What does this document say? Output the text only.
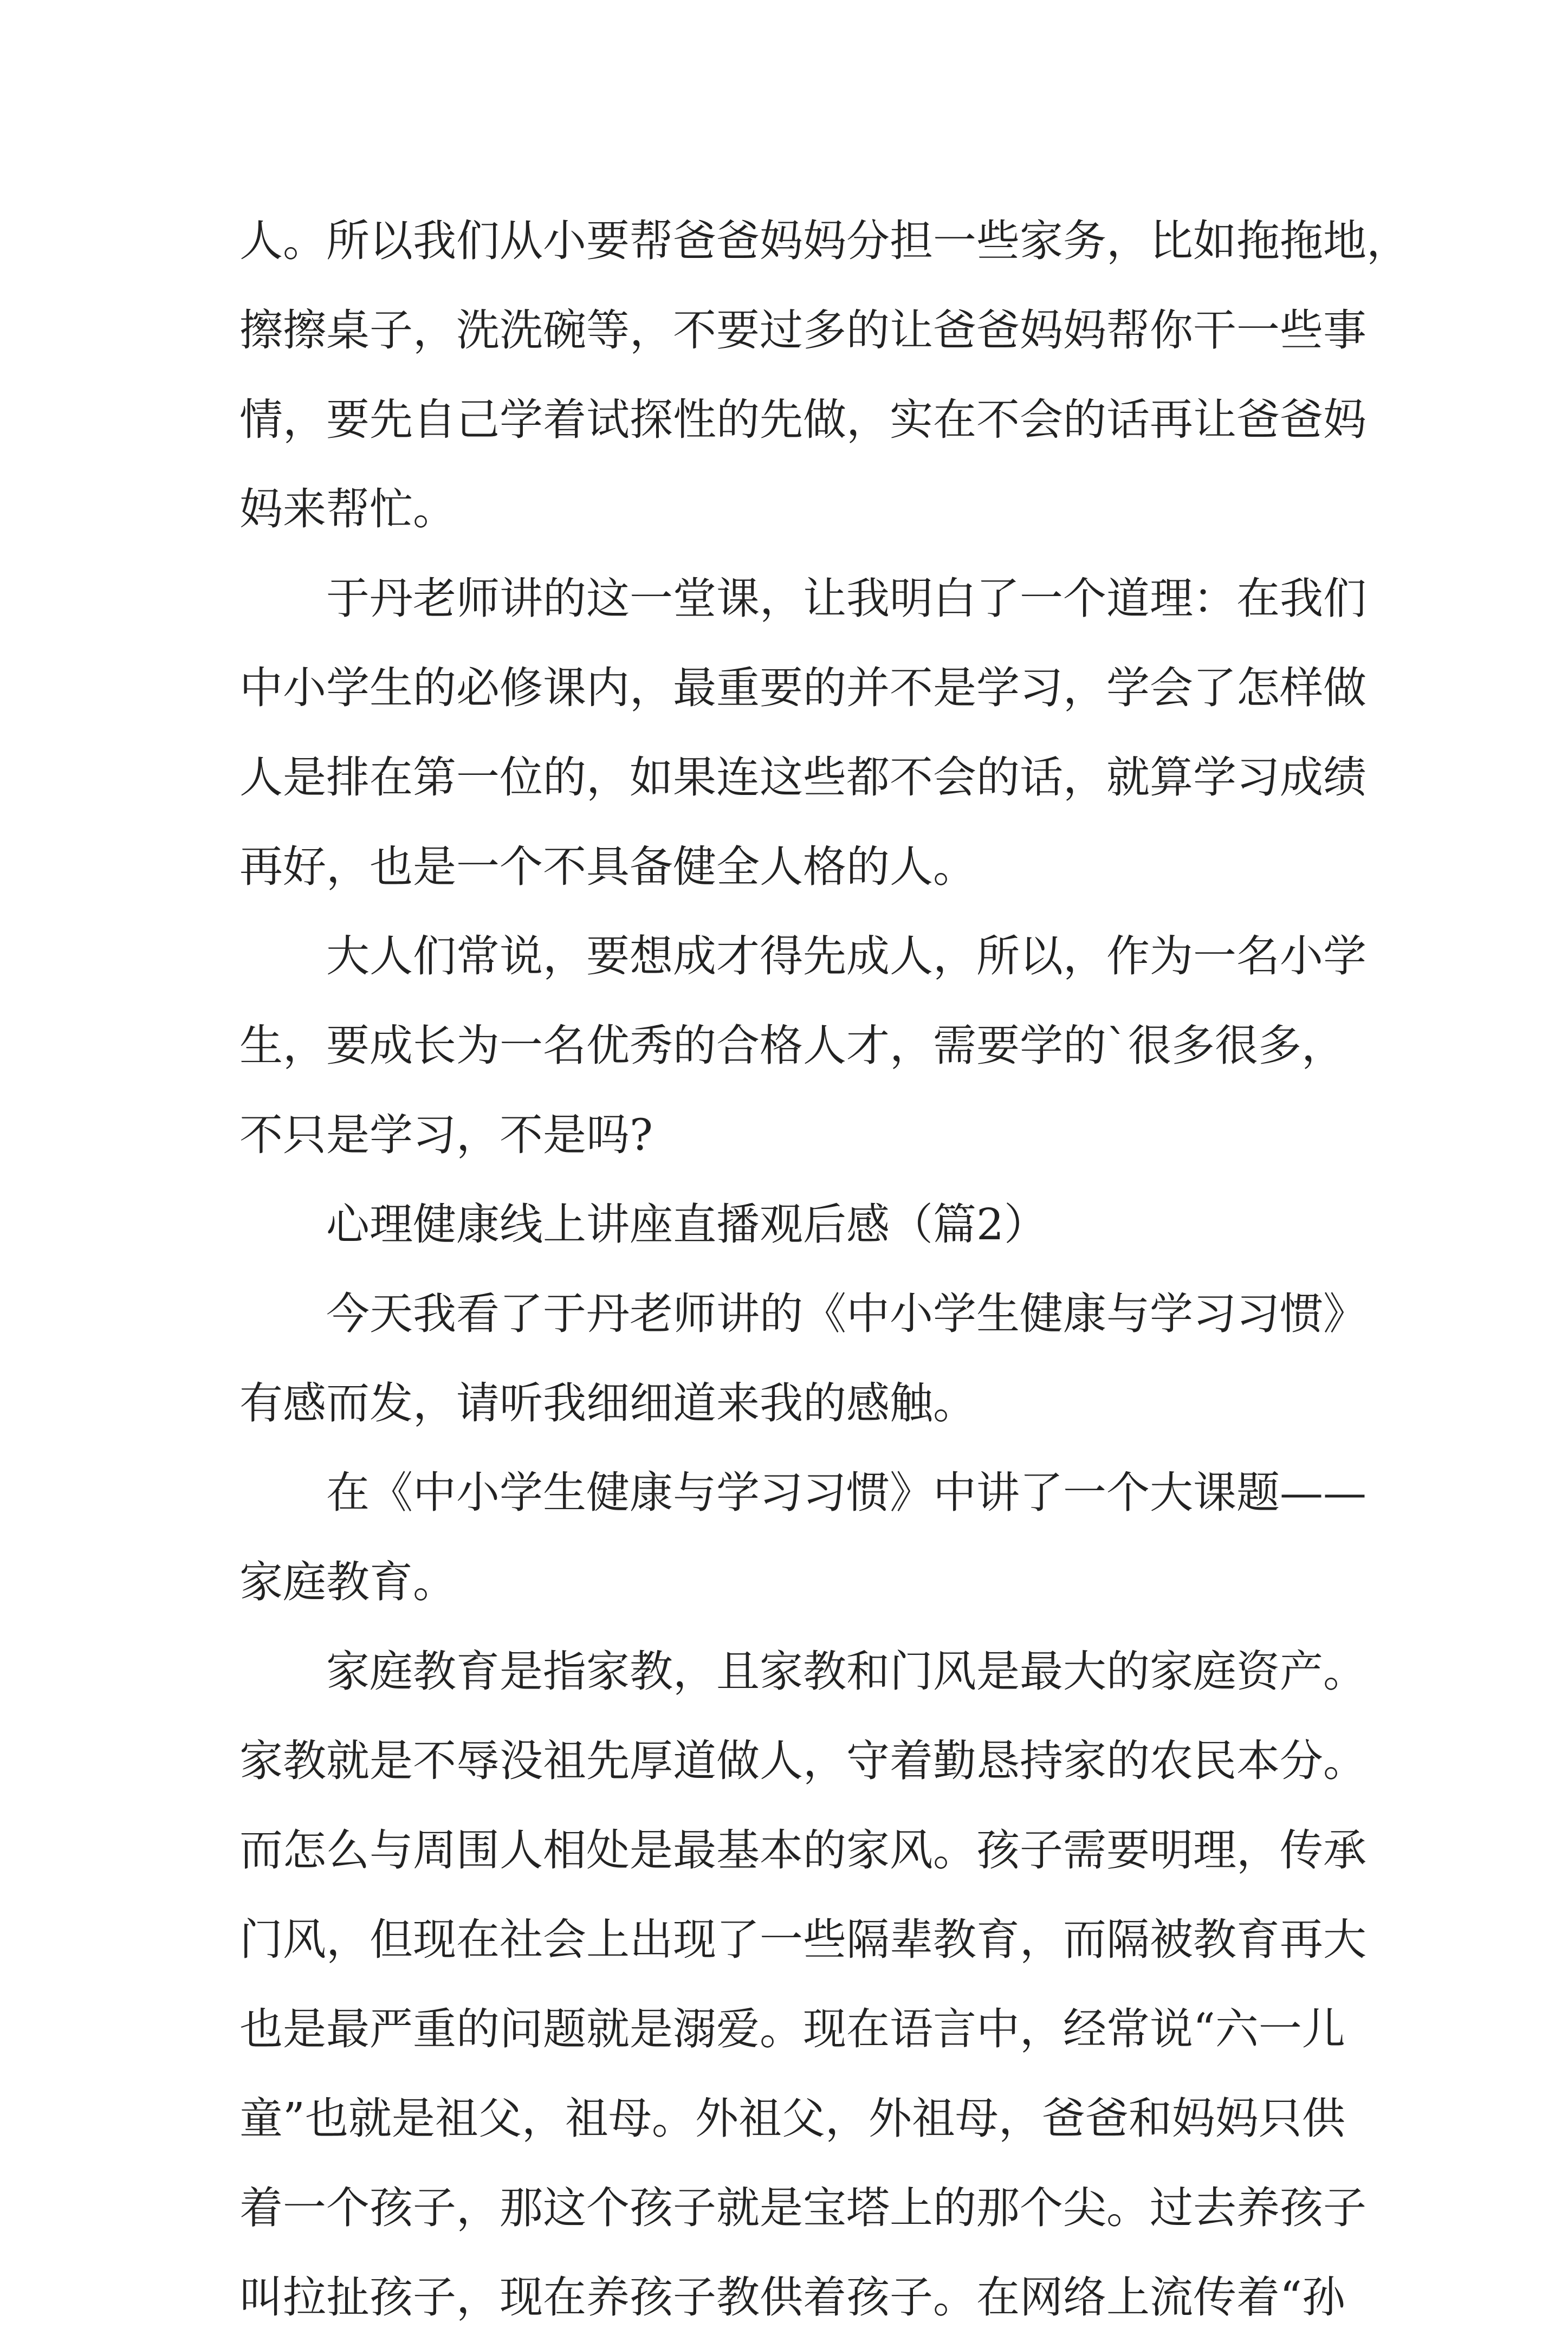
人。所以我们从小要帮爸爸妈妈分担一些家务，比如拖拖地，
擦擦桌子，洗洗碗等，不要过多的让爸爸妈妈帮你干一些事
情，要先自己学着试探性的先做，实在不会的话再让爸爸妈
妈来帮忙。
于丹老师讲的这一堂课，让我明白了一个道理：在我们
中小学生的必修课内，最重要的并不是学习，学会了怎样做
人是排在第一位的，如果连这些都不会的话，就算学习成绩
再好，也是一个不具备健全人格的人。
大人们常说，要想成才得先成人，所以，作为一名小学
生，要成长为一名优秀的合格人才，需要学的`很多很多，
不只是学习，不是吗?
心理健康线上讲座直播观后感（篇2）
今天我看了于丹老师讲的《中小学生健康与学习习惯》
有感而发，请听我细细道来我的感触。
在《中小学生健康与学习习惯》中讲了一个大课题——
家庭教育。
家庭教育是指家教，且家教和门风是最大的家庭资产。
家教就是不辱没祖先厚道做人，守着勤恳持家的农民本分。
而怎么与周围人相处是最基本的家风。孩子需要明理，传承
门风，但现在社会上出现了一些隔辈教育，而隔被教育再大
也是最严重的问题就是溺爱。现在语言中，经常说“六一儿
童”也就是祖父，祖母。外祖父，外祖母，爸爸和妈妈只供
着一个孩子，那这个孩子就是宝塔上的那个尖。过去养孩子
叫拉扯孩子，现在养孩子教供着孩子。在网络上流传着“孙
